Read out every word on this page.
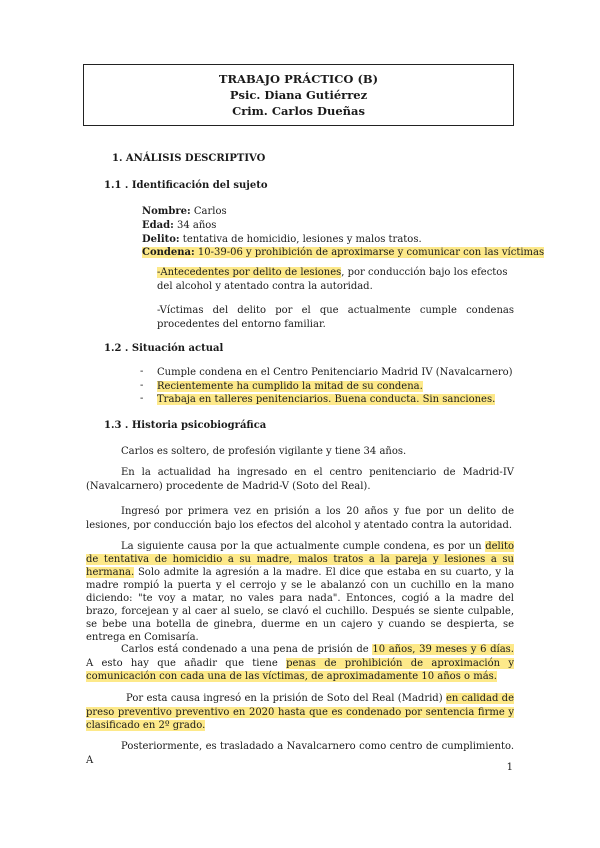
TRABAJO PRÁCTICO (B)
Psic. Diana Gutiérrez
Crim. Carlos Dueñas
1. ANÁLISIS DESCRIPTIVO
1.1 . Identificación del sujeto
Nombre: Carlos
Edad: 34 años
Delito: tentativa de homicidio, lesiones y malos tratos.
Condena: 10-39-06 y prohibición de aproximarse y comunicar con las víctimas
-Antecedentes por delito de lesiones, por conducción bajo los efectos del alcohol y atentado contra la autoridad.
-Víctimas del delito por el que actualmente cumple condenas procedentes del entorno familiar.
1.2 . Situación actual
- Cumple condena en el Centro Penitenciario Madrid IV (Navalcarnero)
- Recientemente ha cumplido la mitad de su condena.
- Trabaja en talleres penitenciarios. Buena conducta. Sin sanciones.
1.3 . Historia psicobiográfica
Carlos es soltero, de profesión vigilante y tiene 34 años.
En la actualidad ha ingresado en el centro penitenciario de Madrid-IV (Navalcarnero) procedente de Madrid-V (Soto del Real).
Ingresó por primera vez en prisión a los 20 años y fue por un delito de lesiones, por conducción bajo los efectos del alcohol y atentado contra la autoridad.
La siguiente causa por la que actualmente cumple condena, es por un delito de tentativa de homicidio a su madre, malos tratos a la pareja y lesiones a su hermana. Solo admite la agresión a la madre. El dice que estaba en su cuarto, y la madre rompió la puerta y el cerrojo y se le abalanzó con un cuchillo en la mano diciendo: "te voy a matar, no vales para nada". Entonces, cogió a la madre del brazo, forcejean y al caer al suelo, se clavó el cuchillo. Después se siente culpable, se bebe una botella de ginebra, duerme en un cajero y cuando se despierta, se entrega en Comisaría.
Carlos está condenado a una pena de prisión de 10 años, 39 meses y 6 días. A esto hay que añadir que tiene penas de prohibición de aproximación y comunicación con cada una de las víctimas, de aproximadamente 10 años o más.
Por esta causa ingresó en la prisión de Soto del Real (Madrid) en calidad de preso preventivo preventivo en 2020 hasta que es condenado por sentencia firme y clasificado en 2º grado.
Posteriormente, es trasladado a Navalcarnero como centro de cumplimiento. A
1
